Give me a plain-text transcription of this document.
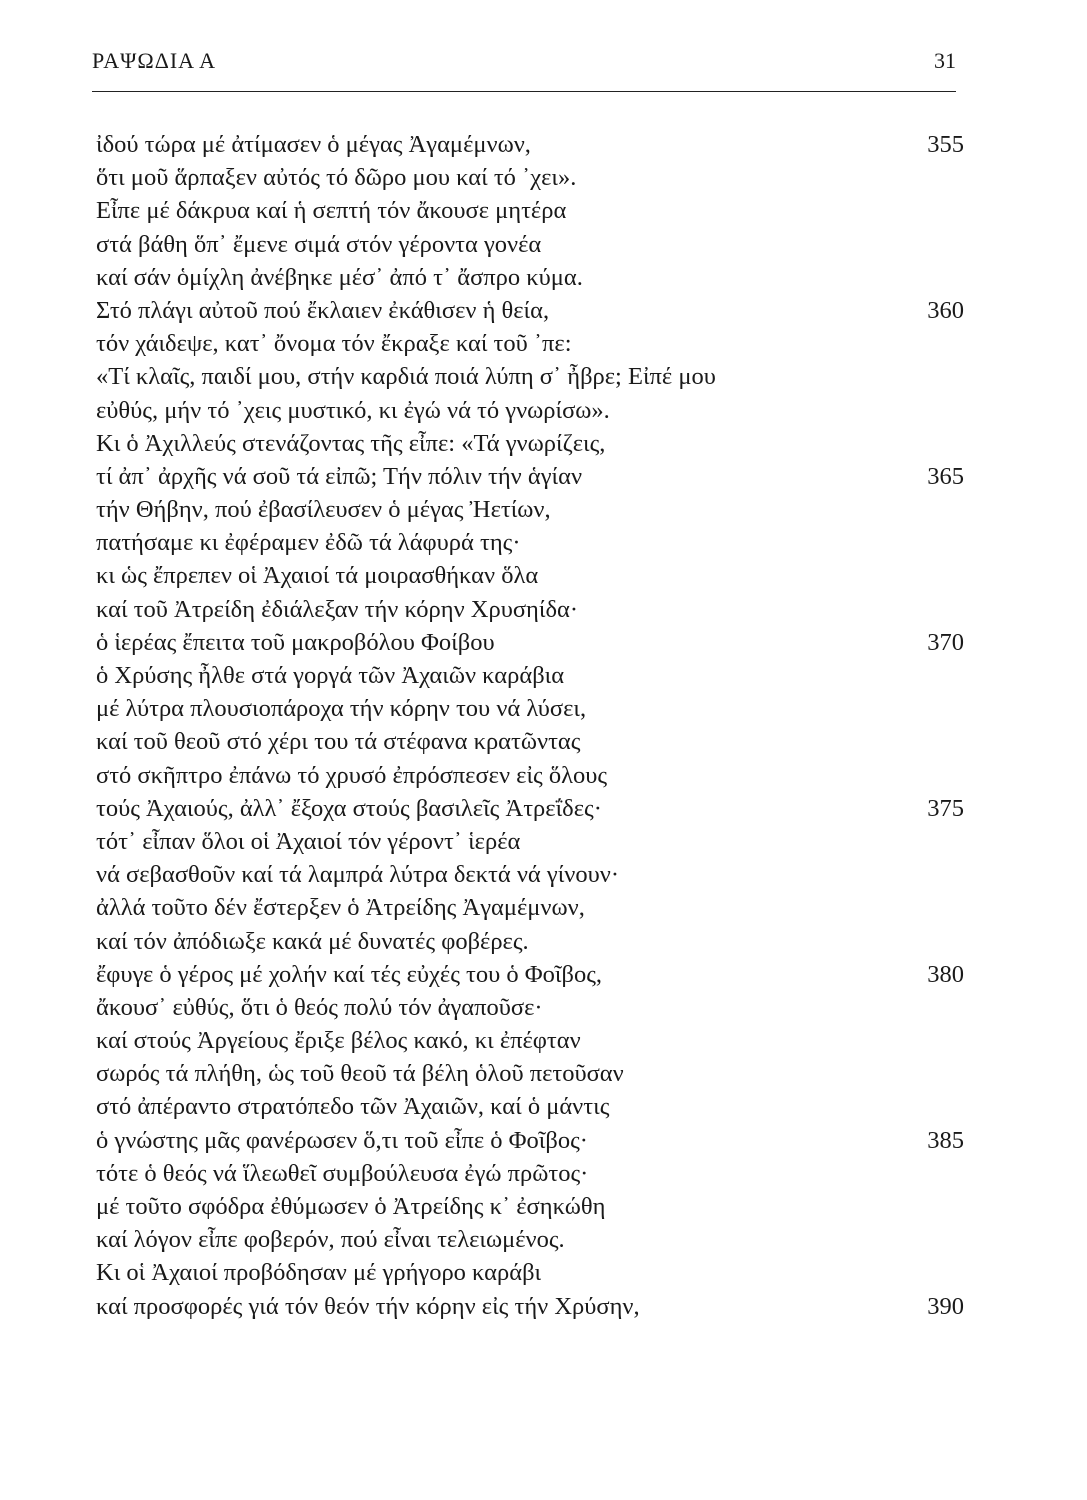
ΡΑΨΩΔΙΑ Α	31
ἰδού τώρα μέ ἀτίμασεν ὁ μέγας Ἀγαμέμνων,	355
ὅτι μοῦ ἅρπαξεν αὐτός τό δῶρο μου καί τό ᾽χει».
Εἶπε μέ δάκρυα καί ἡ σεπτή τόν ἄκουσε μητέρα
στά βάθη ὅπ᾽ ἔμενε σιμά στόν γέροντα γονέα
καί σάν ὁμίχλη ἀνέβηκε μέσ᾽ ἀπό τ᾽ ἄσπρο κύμα.
Στό πλάγι αὐτοῦ πού ἔκλαιεν ἐκάθισεν ἡ θεία,	360
τόν χάιδεψε, κατ᾽ ὄνομα τόν ἔκραξε καί τοῦ ᾽πε:
«Τί κλαῖς, παιδί μου, στήν καρδιά ποιά λύπη σ᾽ ἦβρε; Εἰπέ μου
εὐθύς, μήν τό ᾽χεις μυστικό, κι ἐγώ νά τό γνωρίσω».
Κι ὁ Ἀχιλλεύς στενάζοντας τῆς εἶπε: «Τά γνωρίζεις,
τί ἀπ᾽ ἀρχῆς νά σοῦ τά εἰπῶ; Τήν πόλιν τήν ἁγίαν	365
τήν Θήβην, πού ἐβασίλευσεν ὁ μέγας Ἠετίων,
πατήσαμε κι ἐφέραμεν ἐδῶ τά λάφυρά της·
κι ὡς ἔπρεπεν οἱ Ἀχαιοί τά μοιρασθήκαν ὅλα
καί τοῦ Ἀτρείδη ἐδιάλεξαν τήν κόρην Χρυσηίδα·
ὁ ἱερέας ἔπειτα τοῦ μακροβόλου Φοίβου	370
ὁ Χρύσης ἦλθε στά γοργά τῶν Ἀχαιῶν καράβια
μέ λύτρα πλουσιοπάροχα τήν κόρην του νά λύσει,
καί τοῦ θεοῦ στό χέρι του τά στέφανα κρατῶντας
στό σκῆπτρο ἐπάνω τό χρυσό ἐπρόσπεσεν εἰς ὅλους
τούς Ἀχαιούς, ἀλλ᾽ ἔξοχα στούς βασιλεῖς Ἀτρεΐδες·	375
τότ᾽ εἶπαν ὅλοι οἱ Ἀχαιοί τόν γέροντ᾽ ἱερέα
νά σεβασθοῦν καί τά λαμπρά λύτρα δεκτά νά γίνουν·
ἀλλά τοῦτο δέν ἔστερξεν ὁ Ἀτρείδης Ἀγαμέμνων,
καί τόν ἀπόδιωξε κακά μέ δυνατές φοβέρες.
ἔφυγε ὁ γέρος μέ χολήν καί τές εὐχές του ὁ Φοῖβος,	380
ἄκουσ᾽ εὐθύς, ὅτι ὁ θεός πολύ τόν ἀγαποῦσε·
καί στούς Ἀργείους ἔριξε βέλος κακό, κι ἐπέφταν
σωρός τά πλήθη, ὡς τοῦ θεοῦ τά βέλη ὁλοῦ πετοῦσαν
στό ἀπέραντο στρατόπεδο τῶν Ἀχαιῶν, καί ὁ μάντις
ὁ γνώστης μᾶς φανέρωσεν ὅ,τι τοῦ εἶπε ὁ Φοῖβος·	385
τότε ὁ θεός νά ἵλεωθεῖ συμβούλευσα ἐγώ πρῶτος·
μέ τοῦτο σφόδρα ἐθύμωσεν ὁ Ἀτρείδης κ᾽ ἐσηκώθη
καί λόγον εἶπε φοβερόν, πού εἶναι τελειωμένος.
Κι οἱ Ἀχαιοί προβόδησαν μέ γρήγορο καράβι
καί προσφορές γιά τόν θεόν τήν κόρην εἰς τήν Χρύσην,	390
